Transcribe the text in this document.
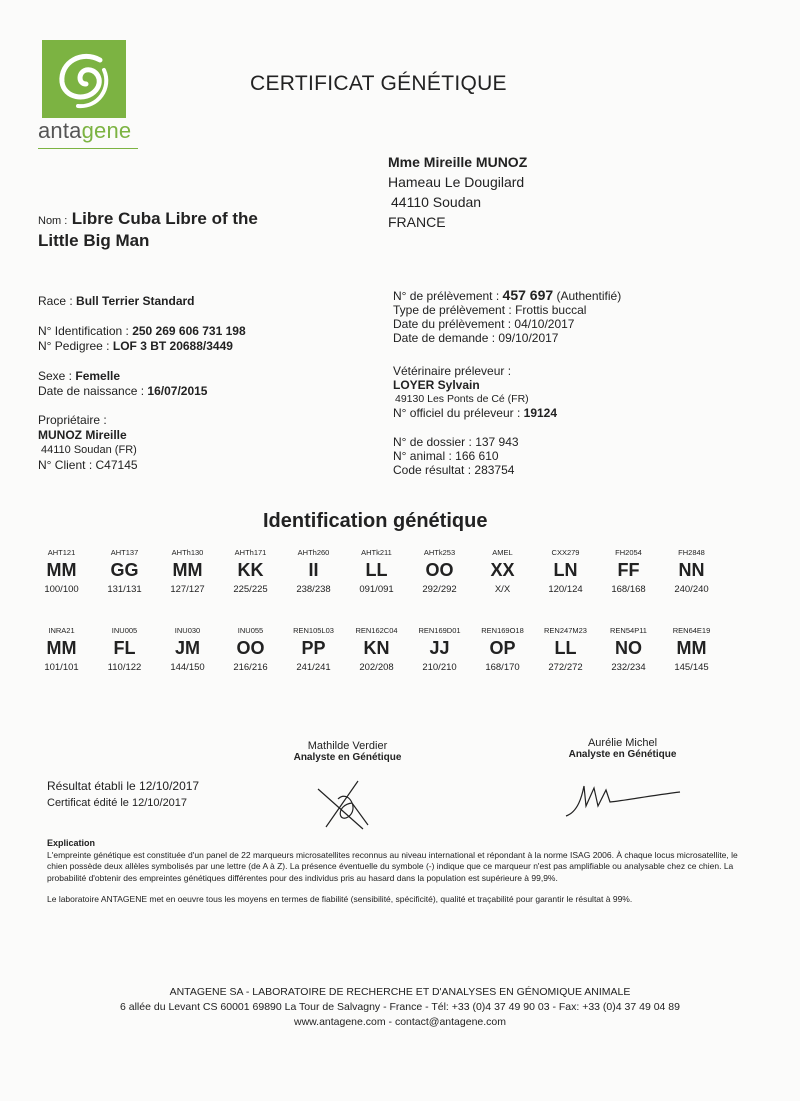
antagene
CERTIFICAT GÉNÉTIQUE
Mme Mireille MUNOZ
Hameau Le Dougilard
44110 Soudan
FRANCE
Nom : Libre Cuba Libre of the
Little Big Man
Race : Bull Terrier Standard
N° Identification : 250 269 606 731 198
N° Pedigree : LOF 3 BT 20688/3449
Sexe : Femelle
Date de naissance : 16/07/2015
Propriétaire :
MUNOZ Mireille
44110 Soudan (FR)
N° Client : C47145
N° de prélèvement : 457 697 (Authentifié)
Type de prélèvement : Frottis buccal
Date du prélèvement : 04/10/2017
Date de demande : 09/10/2017
Vétérinaire préleveur :
LOYER Sylvain
49130 Les Ponts de Cé (FR)
N° officiel du préleveur : 19124
N° de dossier : 137 943
N° animal : 166 610
Code résultat : 283754
Identification génétique
AHT121
MM
100/100
AHT137
GG
131/131
AHTh130
MM
127/127
AHTh171
KK
225/225
AHTh260
II
238/238
AHTk211
LL
091/091
AHTk253
OO
292/292
AMEL
XX
X/X
CXX279
LN
120/124
FH2054
FF
168/168
FH2848
NN
240/240
INRA21
MM
101/101
INU005
FL
110/122
INU030
JM
144/150
INU055
OO
216/216
REN105L03
PP
241/241
REN162C04
KN
202/208
REN169D01
JJ
210/210
REN169O18
OP
168/170
REN247M23
LL
272/272
REN54P11
NO
232/234
REN64E19
MM
145/145
Mathilde Verdier
Analyste en Génétique
Aurélie Michel
Analyste en Génétique
Résultat établi le 12/10/2017
Certificat édité le 12/10/2017
Explication
L'empreinte génétique est constituée d'un panel de 22 marqueurs microsatellites reconnus au niveau international et répondant à la norme ISAG 2006. À chaque locus microsatellite, le chien possède deux allèles symbolisés par une lettre (de A à Z). La présence éventuelle du symbole (-) indique que ce marqueur n'est pas amplifiable ou analysable chez ce chien. La probabilité d'obtenir des empreintes génétiques différentes pour des individus pris au hasard dans la population est supérieure à 99,9%.
Le laboratoire ANTAGENE met en oeuvre tous les moyens en termes de fiabilité (sensibilité, spécificité), qualité et traçabilité pour garantir le résultat à 99%.
ANTAGENE SA - LABORATOIRE DE RECHERCHE ET D'ANALYSES EN GÉNOMIQUE ANIMALE
6 allée du Levant CS 60001 69890 La Tour de Salvagny - France - Tél: +33 (0)4 37 49 90 03 - Fax: +33 (0)4 37 49 04 89
www.antagene.com - contact@antagene.com
